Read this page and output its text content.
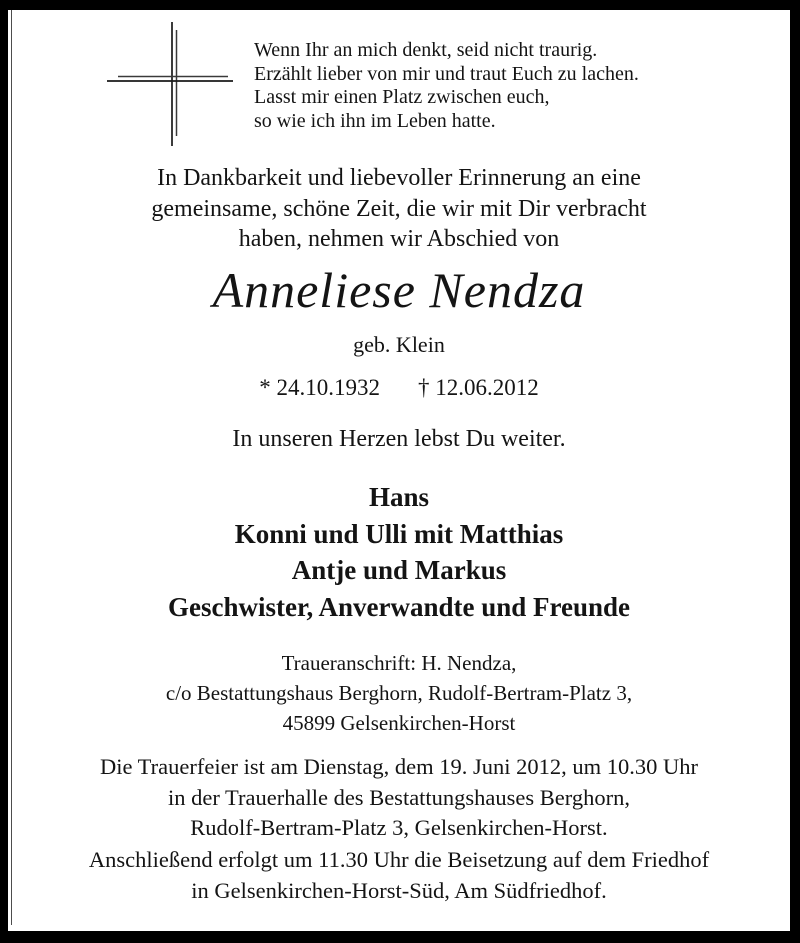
Wenn Ihr an mich denkt, seid nicht traurig.
Erzählt lieber von mir und traut Euch zu lachen.
Lasst mir einen Platz zwischen euch,
so wie ich ihn im Leben hatte.
In Dankbarkeit und liebevoller Erinnerung an eine
gemeinsame, schöne Zeit, die wir mit Dir verbracht
haben, nehmen wir Abschied von
Anneliese Nendza
geb. Klein
* 24.10.1932 † 12.06.2012
In unseren Herzen lebst Du weiter.
Hans
Konni und Ulli mit Matthias
Antje und Markus
Geschwister, Anverwandte und Freunde
Traueranschrift: H. Nendza,
c/o Bestattungshaus Berghorn, Rudolf-Bertram-Platz 3,
45899 Gelsenkirchen-Horst
Die Trauerfeier ist am Dienstag, dem 19. Juni 2012, um 10.30 Uhr
in der Trauerhalle des Bestattungshauses Berghorn,
Rudolf-Bertram-Platz 3, Gelsenkirchen-Horst.
Anschließend erfolgt um 11.30 Uhr die Beisetzung auf dem Friedhof
in Gelsenkirchen-Horst-Süd, Am Südfriedhof.
